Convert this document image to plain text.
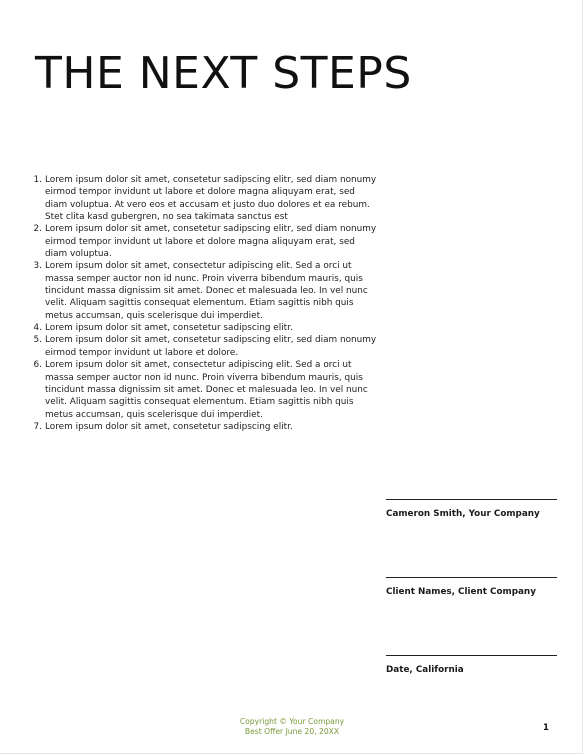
THE NEXT STEPS
1. Lorem ipsum dolor sit amet, consetetur sadipscing elitr, sed diam nonumy eirmod tempor invidunt ut labore et dolore magna aliquyam erat, sed diam voluptua. At vero eos et accusam et justo duo dolores et ea rebum. Stet clita kasd gubergren, no sea takimata sanctus est
2. Lorem ipsum dolor sit amet, consetetur sadipscing elitr, sed diam nonumy eirmod tempor invidunt ut labore et dolore magna aliquyam erat, sed diam voluptua.
3. Lorem ipsum dolor sit amet, consectetur adipiscing elit. Sed a orci ut massa semper auctor non id nunc. Proin viverra bibendum mauris, quis tincidunt massa dignissim sit amet. Donec et malesuada leo. In vel nunc velit. Aliquam sagittis consequat elementum. Etiam sagittis nibh quis metus accumsan, quis scelerisque dui imperdiet.
4. Lorem ipsum dolor sit amet, consetetur sadipscing elitr.
5. Lorem ipsum dolor sit amet, consetetur sadipscing elitr, sed diam nonumy eirmod tempor invidunt ut labore et dolore.
6. Lorem ipsum dolor sit amet, consectetur adipiscing elit. Sed a orci ut massa semper auctor non id nunc. Proin viverra bibendum mauris, quis tincidunt massa dignissim sit amet. Donec et malesuada leo. In vel nunc velit. Aliquam sagittis consequat elementum. Etiam sagittis nibh quis metus accumsan, quis scelerisque dui imperdiet.
7. Lorem ipsum dolor sit amet, consetetur sadipscing elitr.
Cameron Smith, Your Company
Client Names, Client Company
Date, California
Copyright © Your Company
Best Offer June 20, 20XX	1
